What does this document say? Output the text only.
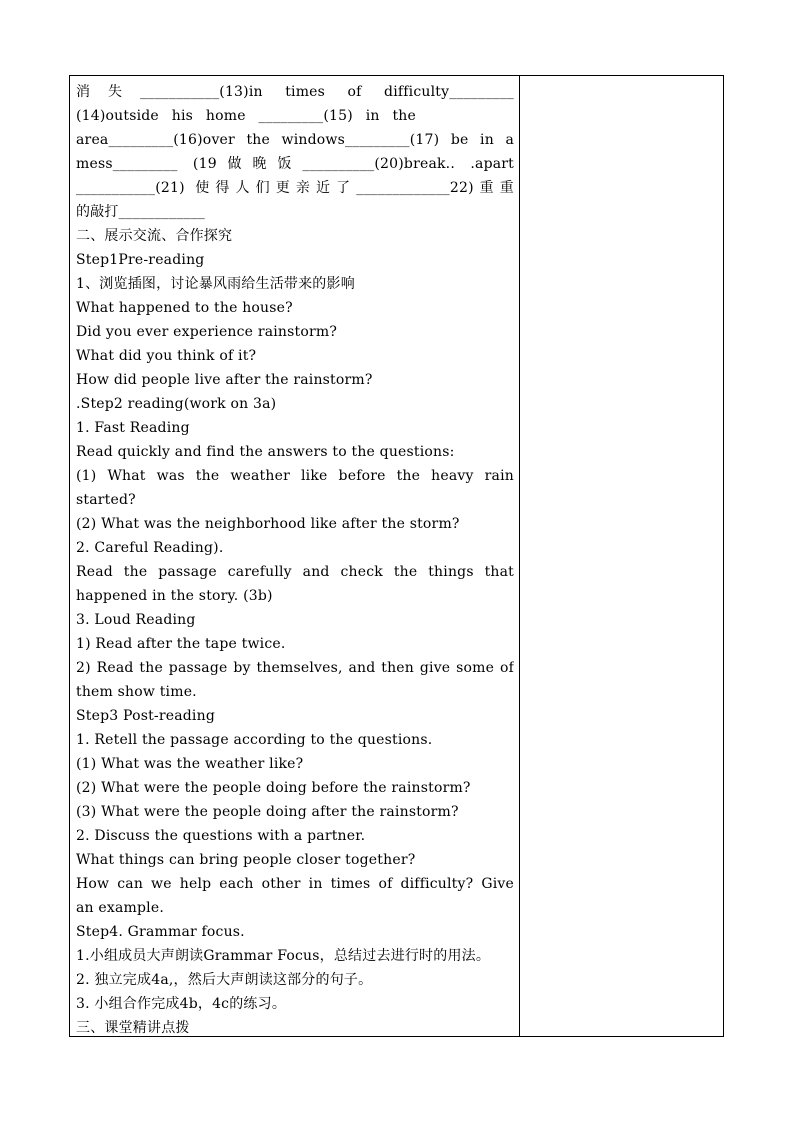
消失___________(13)in times of difficulty_________
(14)outside his home _________(15) in the
area_________(16)over the windows_________(17) be in a
mess_________ (19做晚饭__________(20)break.. .apart
___________(21) 使得人们更亲近了_____________22)重重
的敲打____________
二、展示交流、合作探究
Step1Pre-reading
1、浏览插图，讨论暴风雨给生活带来的影响
What happened to the house?
Did you ever experience rainstorm?
What did you think of it?
How did people live after the rainstorm?
.Step2 reading(work on 3a)
1. Fast Reading
Read quickly and find the answers to the questions:
(1) What was the weather like before the heavy rain
started?
(2) What was the neighborhood like after the storm?
2. Careful Reading).
Read the passage carefully and check the things that
happened in the story. (3b)
3. Loud Reading
1) Read after the tape twice.
2) Read the passage by themselves, and then give some of
them show time.
Step3 Post-reading
1. Retell the passage according to the questions.
(1) What was the weather like?
(2) What were the people doing before the rainstorm?
(3) What were the people doing after the rainstorm?
2. Discuss the questions with a partner.
What things can bring people closer together?
How can we help each other in times of difficulty? Give
an example.
Step4. Grammar focus.
1.小组成员大声朗读Grammar Focus，总结过去进行时的用法。
2. 独立完成4a,，然后大声朗读这部分的句子。
3. 小组合作完成4b，4c的练习。
三、课堂精讲点拨
